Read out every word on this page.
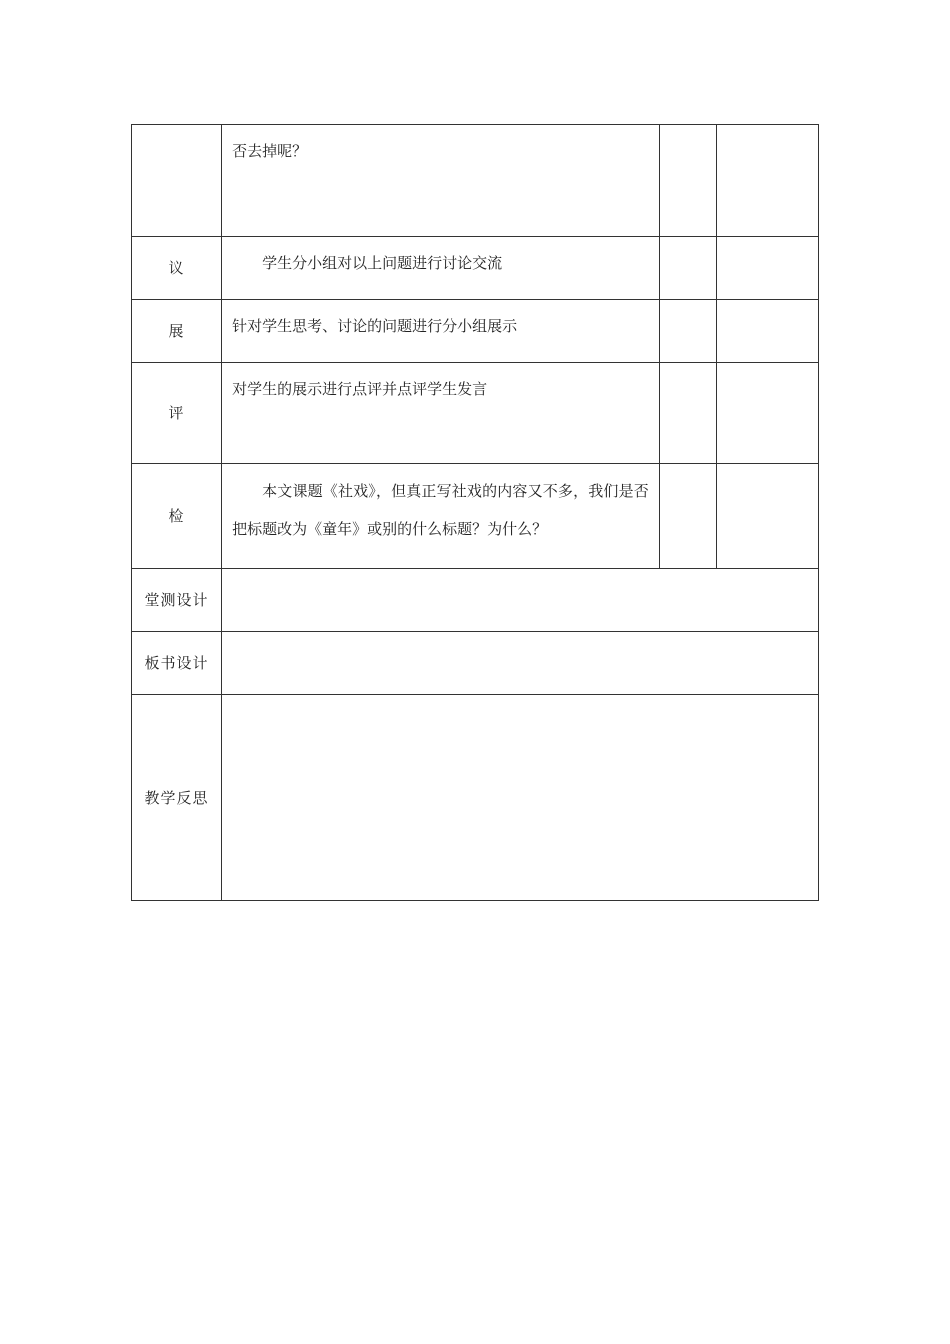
	否去掉呢？		
议	学生分小组对以上问题进行讨论交流		

展	针对学生思考、讨论的问题进行分小组展示		
评	对学生的展示进行点评并点评学生发言		
检	本文课题《社戏》，但真正写社戏的内容又不多，我们是否把标题改为《童年》或别的什么标题？为什么？		

堂测设计			
板书设计			
教学反思			
